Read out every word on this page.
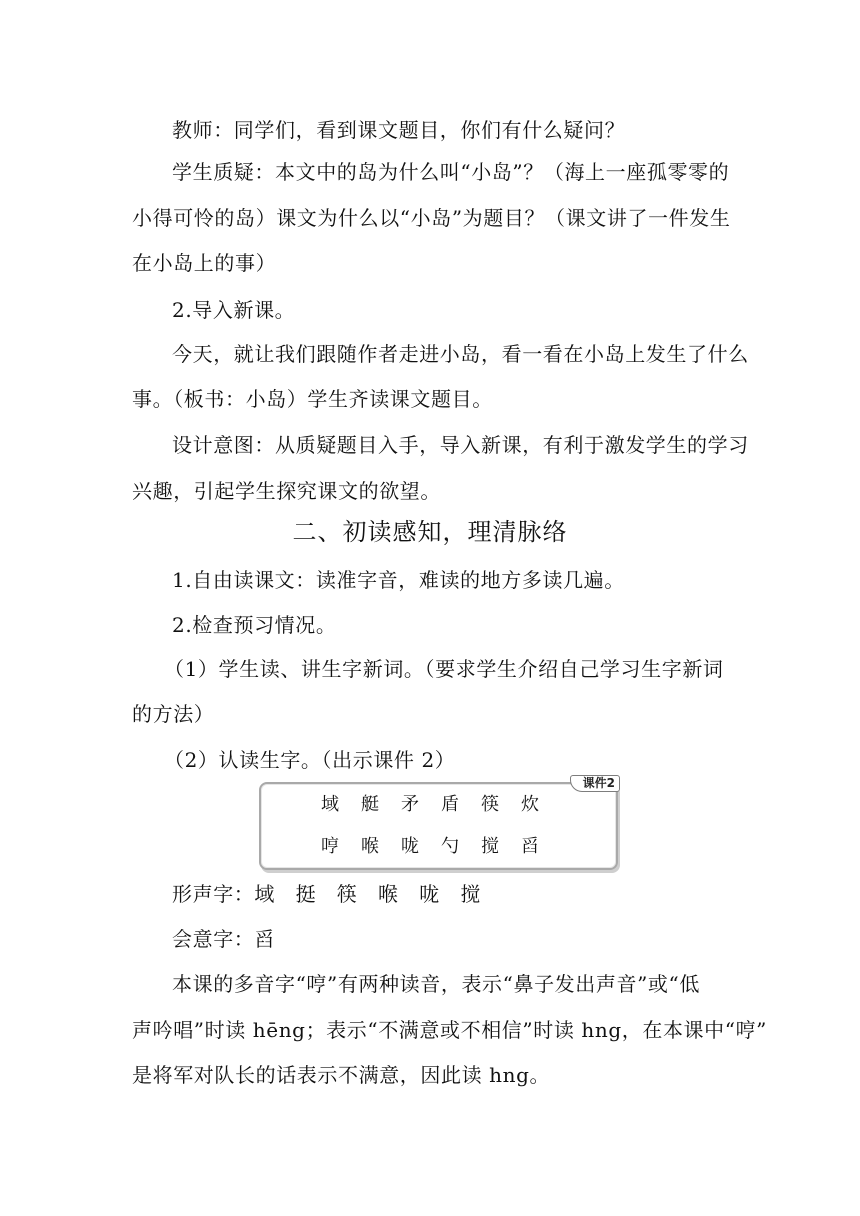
教师：同学们，看到课文题目，你们有什么疑问？
学生质疑：本文中的岛为什么叫“小岛”？（海上一座孤零零的
小得可怜的岛）课文为什么以“小岛”为题目？（课文讲了一件发生
在小岛上的事）
2.导入新课。
今天，就让我们跟随作者走进小岛，看一看在小岛上发生了什么
事。（板书：小岛）学生齐读课文题目。
设计意图：从质疑题目入手，导入新课，有利于激发学生的学习
兴趣，引起学生探究课文的欲望。
二、初读感知，理清脉络
1.自由读课文：读准字音，难读的地方多读几遍。
2.检查预习情况。
（1）学生读、讲生字新词。（要求学生介绍自己学习生字新词
的方法）
（2）认读生字。（出示课件 2）
课件2
域 艇 矛 盾 筷 炊
哼 喉 咙 勺 搅 舀
形声字：域　挺　筷　喉　咙　搅
会意字：舀
本课的多音字“哼”有两种读音，表示“鼻子发出声音”或“低
声吟唱”时读 hēng；表示“不满意或不相信”时读 hng，在本课中“哼”
是将军对队长的话表示不满意，因此读 hng。
